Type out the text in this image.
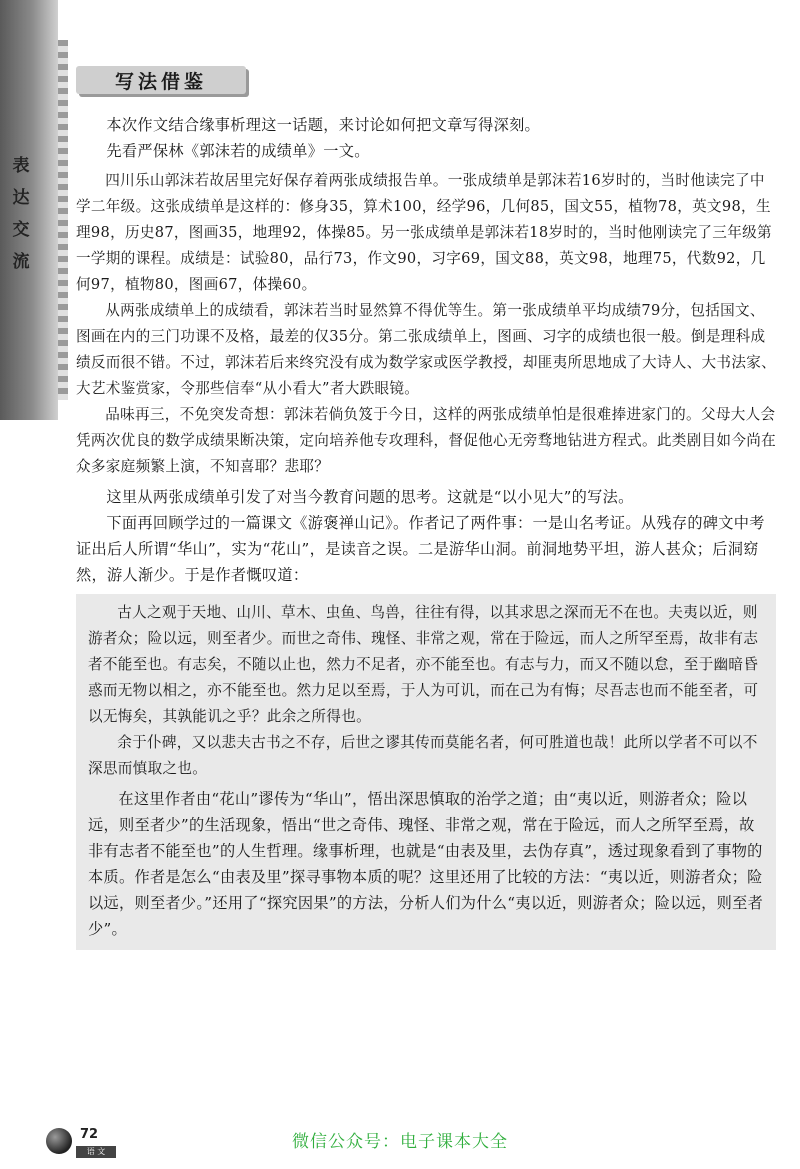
表
达
交
流
写法借鉴

本次作文结合缘事析理这一话题，来讨论如何把文章写得深刻。

先看严保林《郭沫若的成绩单》一文。

四川乐山郭沫若故居里完好保存着两张成绩报告单。一张成绩单是郭沫若16岁时的，当时他读完了中学二年级。这张成绩单是这样的：修身35，算术100，经学96，几何85，国文55，植物78，英文98，生理98，历史87，图画35，地理92，体操85。另一张成绩单是郭沫若18岁时的，当时他刚读完了三年级第一学期的课程。成绩是：试验80，品行73，作文90，习字69，国文88，英文98，地理75，代数92，几何97，植物80，图画67，体操60。

从两张成绩单上的成绩看，郭沫若当时显然算不得优等生。第一张成绩单平均成绩79分，包括国文、图画在内的三门功课不及格，最差的仅35分。第二张成绩单上，图画、习字的成绩也很一般。倒是理科成绩反而很不错。不过，郭沫若后来终究没有成为数学家或医学教授，却匪夷所思地成了大诗人、大书法家、大艺术鉴赏家，令那些信奉“从小看大”者大跌眼镜。

品味再三，不免突发奇想：郭沫若倘负笈于今日，这样的两张成绩单怕是很难捧进家门的。父母大人会凭两次优良的数学成绩果断决策，定向培养他专攻理科，督促他心无旁骛地钻进方程式。此类剧目如今尚在众多家庭频繁上演，不知喜耶？悲耶？

这里从两张成绩单引发了对当今教育问题的思考。这就是“以小见大”的写法。

下面再回顾学过的一篇课文《游褒禅山记》。作者记了两件事：一是山名考证。从残存的碑文中考证出后人所谓“华山”，实为“花山”，是读音之误。二是游华山洞。前洞地势平坦，游人甚众；后洞窈然，游人渐少。于是作者慨叹道：

古人之观于天地、山川、草木、虫鱼、鸟兽，往往有得，以其求思之深而无不在也。夫夷以近，则游者众；险以远，则至者少。而世之奇伟、瑰怪、非常之观，常在于险远，而人之所罕至焉，故非有志者不能至也。有志矣，不随以止也，然力不足者，亦不能至也。有志与力，而又不随以怠，至于幽暗昏惑而无物以相之，亦不能至也。然力足以至焉，于人为可讥，而在己为有悔；尽吾志也而不能至者，可以无悔矣，其孰能讥之乎？此余之所得也。

余于仆碑，又以悲夫古书之不存，后世之谬其传而莫能名者，何可胜道也哉！此所以学者不可以不深思而慎取之也。

在这里作者由“花山”谬传为“华山”，悟出深思慎取的治学之道；由“夷以近，则游者众；险以远，则至者少”的生活现象，悟出“世之奇伟、瑰怪、非常之观，常在于险远，而人之所罕至焉，故非有志者不能至也”的人生哲理。缘事析理，也就是“由表及里，去伪存真”，透过现象看到了事物的本质。作者是怎么“由表及里”探寻事物本质的呢？这里还用了比较的方法：“夷以近，则游者众；险以远，则至者少。”还用了“探究因果”的方法，分析人们为什么“夷以近，则游者众；险以远，则至者少”。

72
语 文	微信公众号：电子课本大全
